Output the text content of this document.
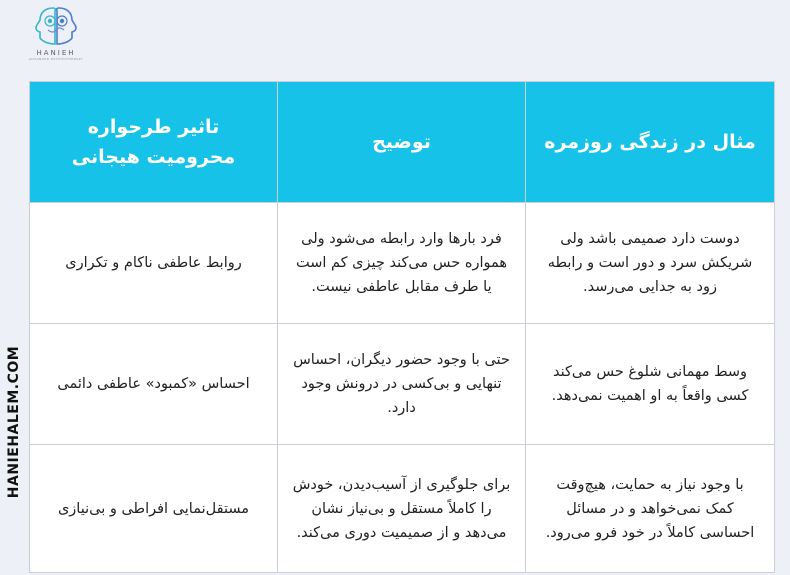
HANIEH
ADVANCED PSYCHOTHERAPY
HANIEHALEM.COM
تاثیر طرحواره محرومیت هیجانی	توضیح	مثال در زندگی روزمره
روابط عاطفی ناکام و تکراری	فرد بارها وارد رابطه می‌شود ولی همواره حس می‌کند چیزی کم است یا طرف مقابل عاطفی نیست.	دوست دارد صمیمی باشد ولی شریکش سرد و دور است و رابطه زود به جدایی می‌رسد.
احساس «کمبود» عاطفی دائمی	حتی با وجود حضور دیگران، احساس تنهایی و بی‌کسی در درونش وجود دارد.	وسط مهمانی شلوغ حس می‌کند کسی واقعاً به او اهمیت نمی‌دهد.
مستقل‌نمایی افراطی و بی‌نیازی	برای جلوگیری از آسیب‌دیدن، خودش را کاملاً مستقل و بی‌نیاز نشان می‌دهد و از صمیمیت دوری می‌کند.	با وجود نیاز به حمایت، هیچ‌وقت کمک نمی‌خواهد و در مسائل احساسی کاملاً در خود فرو می‌رود.
